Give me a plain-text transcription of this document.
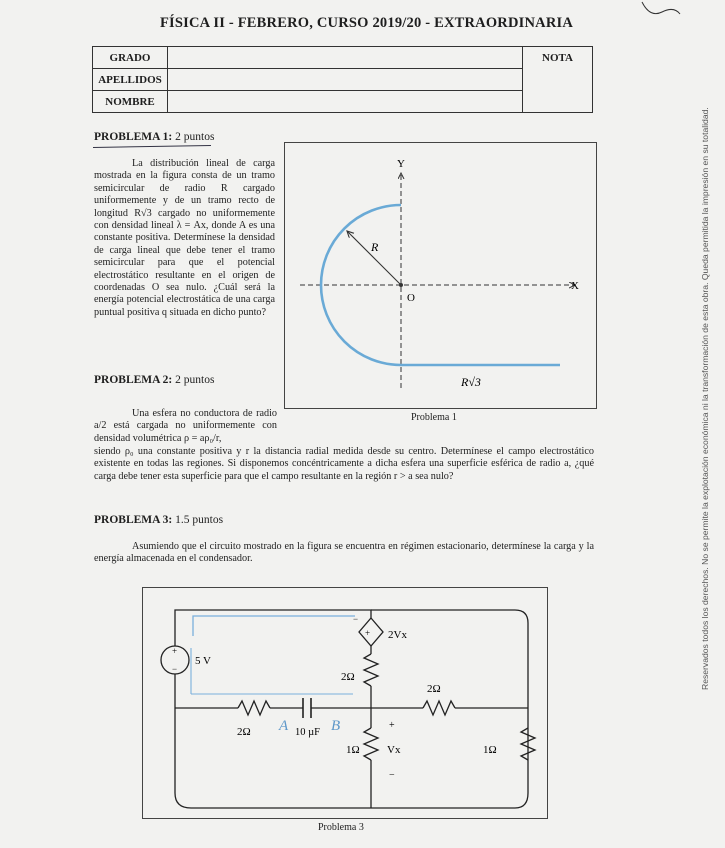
FÍSICA II - FEBRERO, CURSO 2019/20 - EXTRAORDINARIA
GRADO		NOTA
APELLIDOS		
NOMBRE		
PROBLEMA 1: 2 puntos
La distribución lineal de carga mostrada en la figura consta de un tramo semicircular de radio R cargado uniformemente y de un tramo recto de longitud R√3 cargado no uniformemente con densidad lineal λ = Ax, donde A es una constante positiva. Determínese la densidad de carga lineal que debe tener el tramo semicircular para que el potencial electrostático resultante en el origen de coordenadas O sea nulo. ¿Cuál será la energía potencial electrostática de una carga puntual positiva q situada en dicho punto?
Y
X
O
R
R√3
Problema 1
PROBLEMA 2: 2 puntos
Una esfera no conductora de radio a/2 está cargada no uniformemente con densidad volumétrica ρ = aρ₀/r,
siendo ρ₀ una constante positiva y r la distancia radial medida desde su centro. Determínese el campo electrostático existente en todas las regiones. Si disponemos concéntricamente a dicha esfera una superficie esférica de radio a, ¿qué carga debe tener esta superficie para que el campo resultante en la región r > a sea nulo?
PROBLEMA 3: 1.5 puntos
Asumiendo que el circuito mostrado en la figura se encuentra en régimen estacionario, determínese la carga y la energía almacenada en el condensador.
+
−
−
+
5 V
2Vx
2Ω
2Ω
2Ω	10 µF
1Ω
+
Vx
−
1Ω
A	B
Problema 3
Reservados todos los derechos. No se permite la explotación económica ni la transformación de esta obra. Queda permitida la impresión en su totalidad.
